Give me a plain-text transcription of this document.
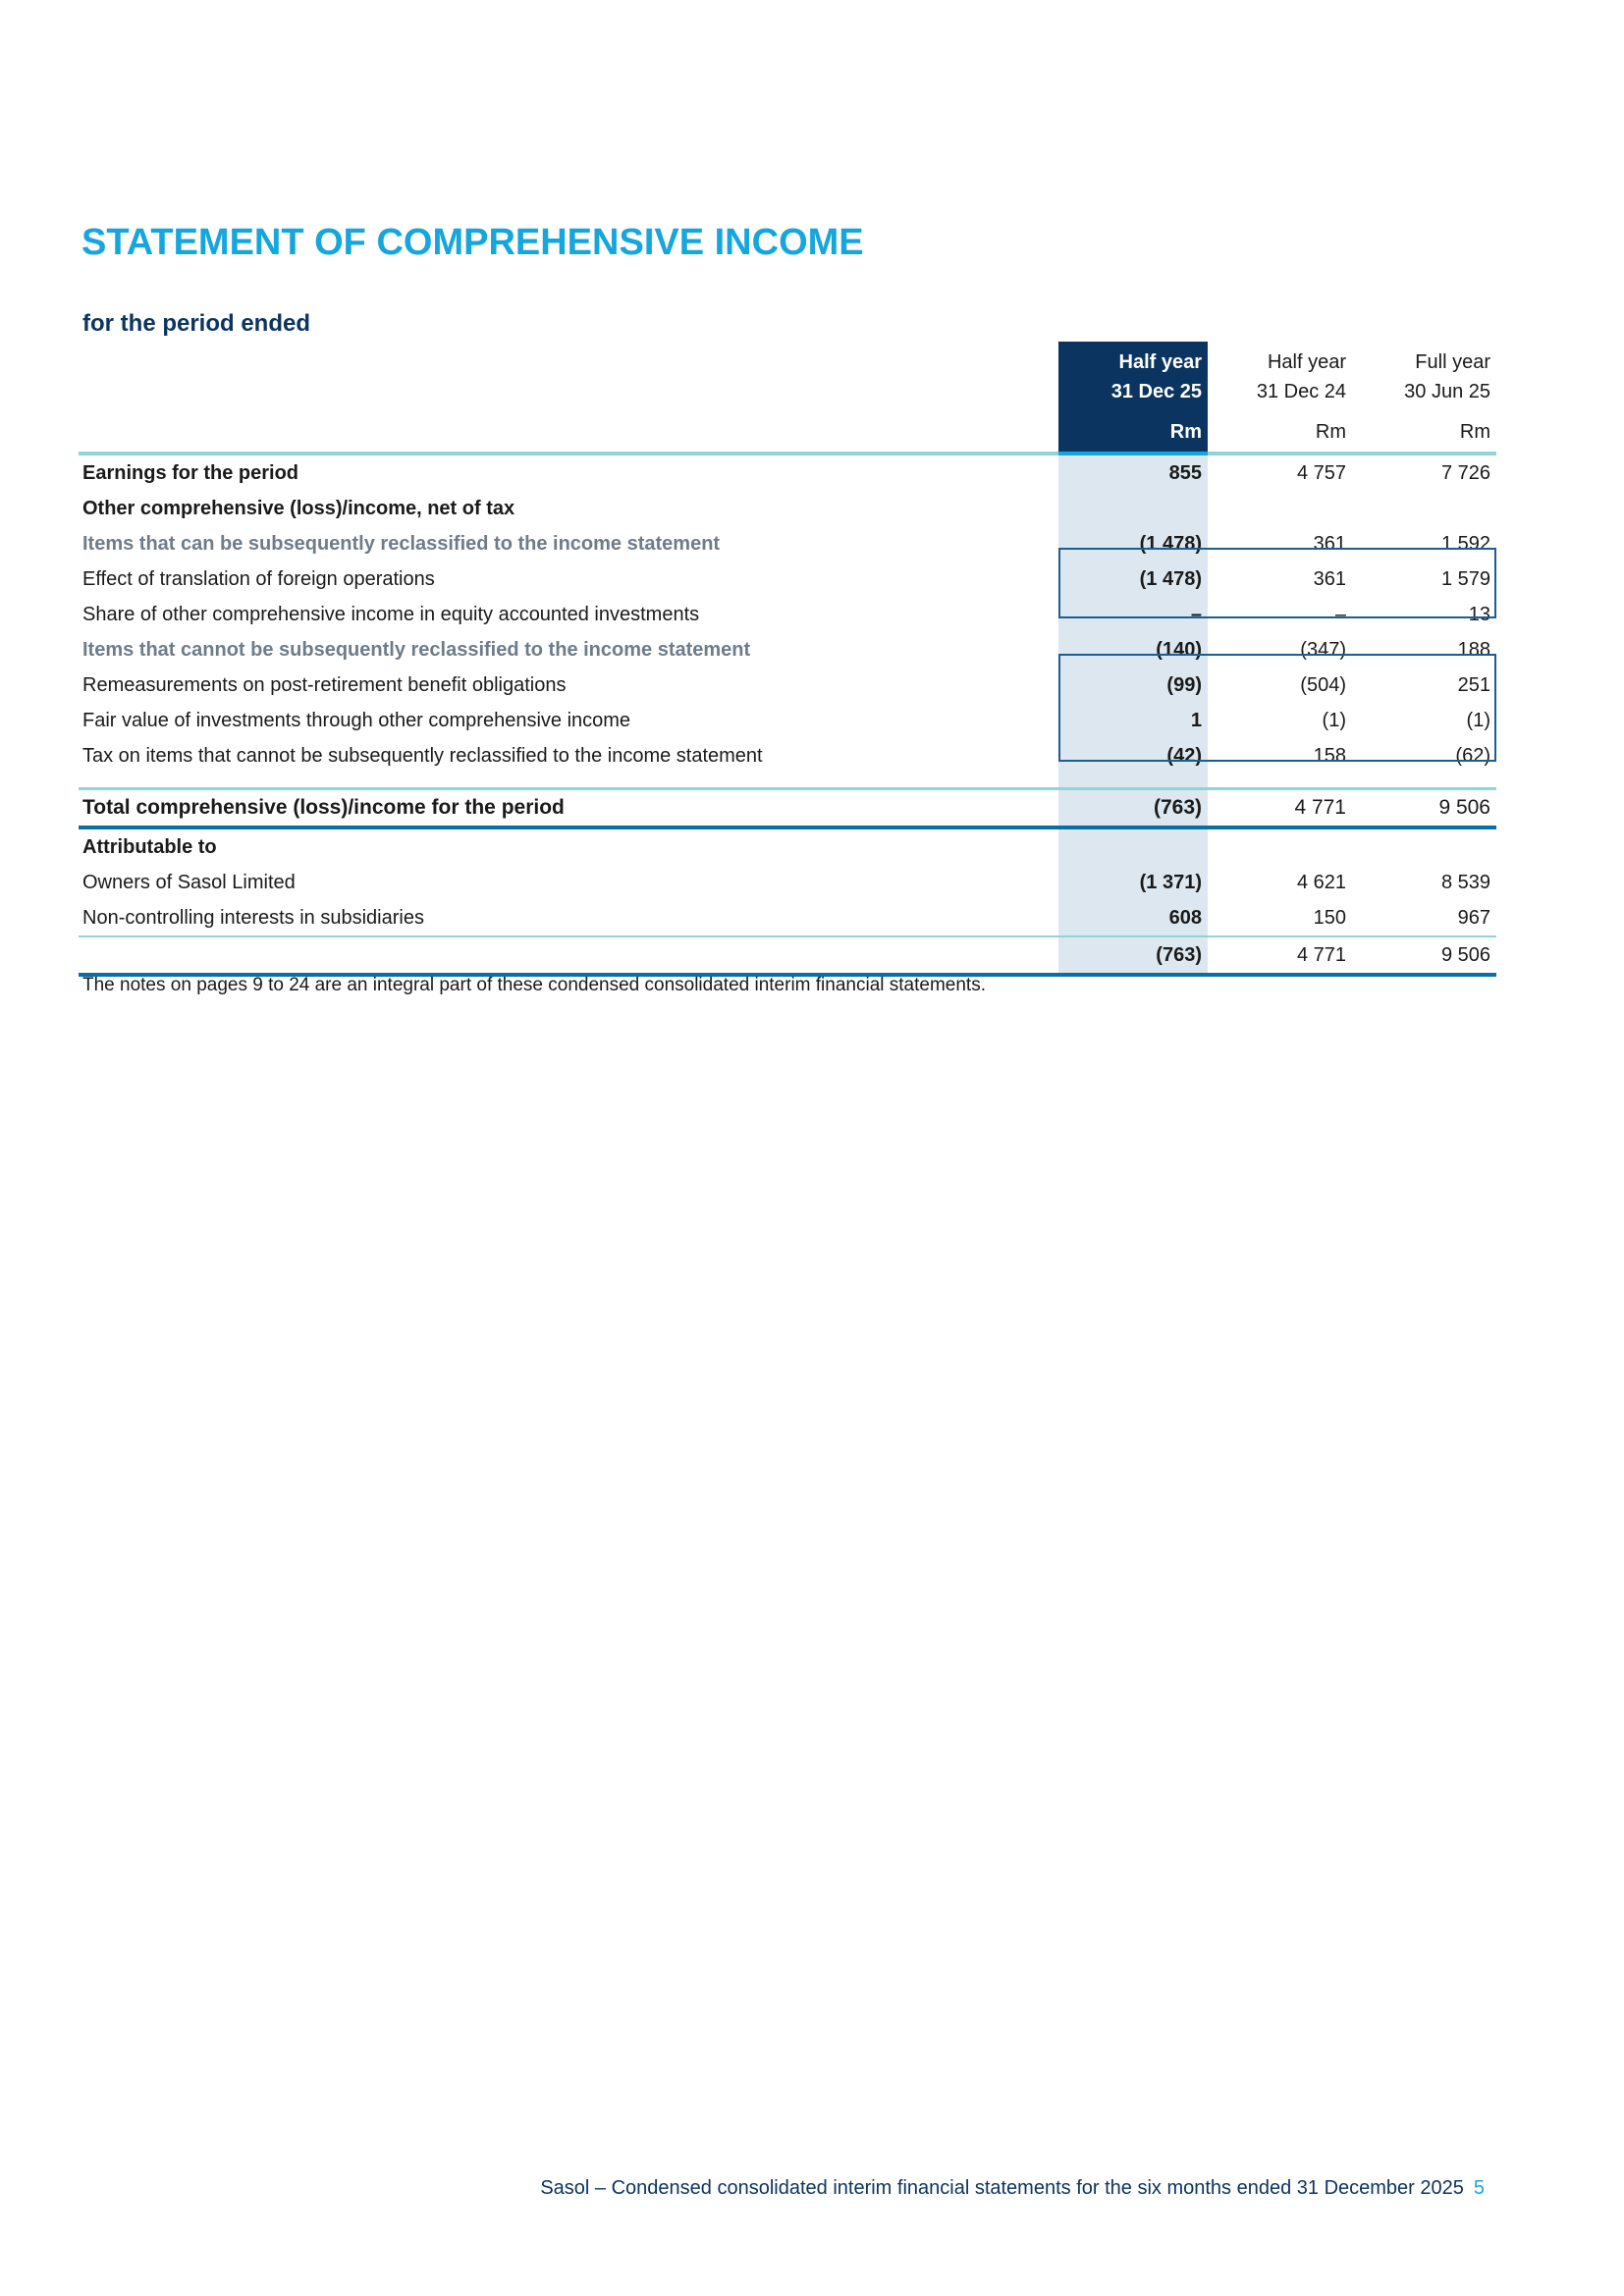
STATEMENT OF COMPREHENSIVE INCOME
for the period ended
	Half year	Half year	Full year
	31 Dec 25	31 Dec 24	30 Jun 25
	Rm	Rm	Rm
Earnings for the period	855	4 757	7 726
Other comprehensive (loss)/income, net of tax			
Items that can be subsequently reclassified to the income statement	(1 478)	361	1 592
Effect of translation of foreign operations	(1 478)	361	1 579
Share of other comprehensive income in equity accounted investments	–	–	13
Items that cannot be subsequently reclassified to the income statement	(140)	(347)	188
Remeasurements on post-retirement benefit obligations	(99)	(504)	251
Fair value of investments through other comprehensive income	1	(1)	(1)
Tax on items that cannot be subsequently reclassified to the income statement	(42)	158	(62)

Total comprehensive (loss)/income for the period	(763)	4 771	9 506
Attributable to			
Owners of Sasol Limited	(1 371)	4 621	8 539
Non-controlling interests in subsidiaries	608	150	967
	(763)	4 771	9 506

The notes on pages 9 to 24 are an integral part of these condensed consolidated interim financial statements.

Sasol – Condensed consolidated interim financial statements for the six months ended 31 December 2025 5
